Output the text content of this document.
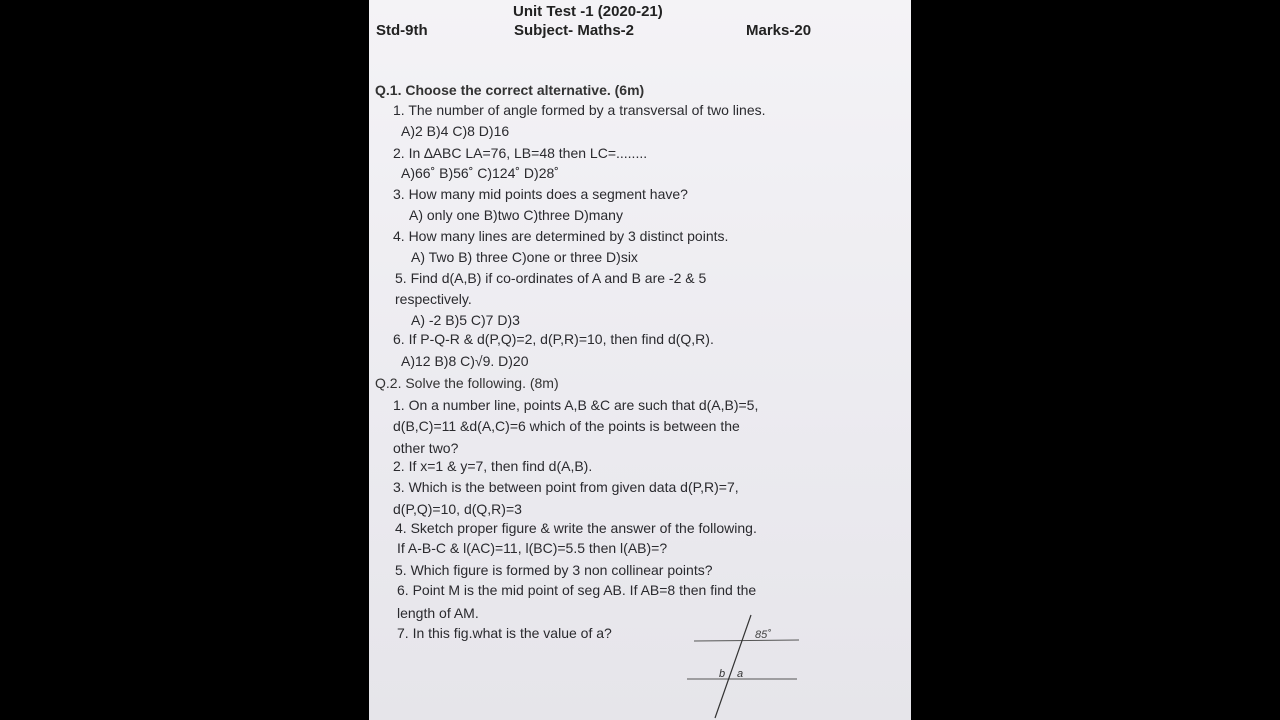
Unit Test -1 (2020-21)
Std-9th	Subject- Maths-2	Marks-20
Q.1. Choose the correct alternative. (6m)
1. The number of angle formed by a transversal of two lines.
A)2 B)4 C)8 D)16
2. In ∆ABC LA=76, LB=48 then LC=........
A)66˚ B)56˚ C)124˚ D)28˚
3. How many mid points does a segment have?
A) only one B)two C)three D)many
4. How many lines are determined by 3 distinct points.
A) Two B) three C)one or three D)six
5. Find d(A,B) if co-ordinates of A and B are -2 & 5
respectively.
A) -2 B)5 C)7 D)3
6. If P-Q-R & d(P,Q)=2, d(P,R)=10, then find d(Q,R).
A)12 B)8 C)√9. D)20
Q.2. Solve the following. (8m)
1. On a number line, points A,B &C are such that d(A,B)=5,
d(B,C)=11 &d(A,C)=6 which of the points is between the
other two?
2. If x=1 & y=7, then find d(A,B).
3. Which is the between point from given data d(P,R)=7,
d(P,Q)=10, d(Q,R)=3
4. Sketch proper figure & write the answer of the following.
If A-B-C & l(AC)=11, l(BC)=5.5 then l(AB)=?
5. Which figure is formed by 3 non collinear points?
6. Point M is the mid point of seg AB. If AB=8 then find the
length of AM.
7. In this fig.what is the value of a?	85˚
b a
